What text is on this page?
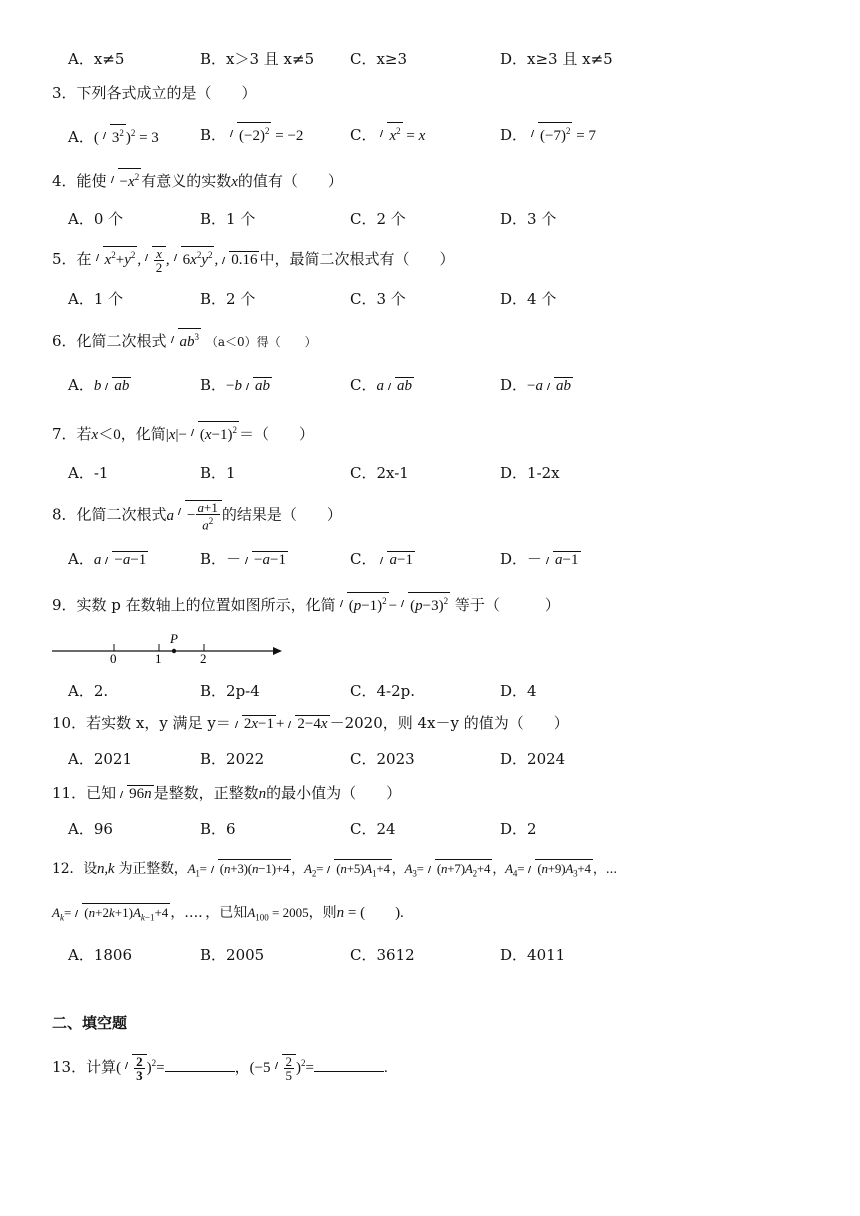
A．x≠5	B．x＞3 且 x≠5 C．x≥3	D．x≥3 且 x≠5
3．下列各式成立的是（　　）
A．( $3^2$ )$^2$ = 3	B． $(-2)^2 = -2$	C． $x^2 = x$	D． $(-7)^2 = 7$
4．能使 $-x^2$ 有意义的实数x的值有（　　）
A．0 个	B．1 个	C．2 个	D．3 个
5．在 $x^2+y^2$ , $\frac{x}{2}$ , $6x^2y^2$ , 0.16 中，最简二次根式有（　　）
A．1 个	B．2 个	C．3 个	D．4 个
6．化简二次根式 $ab^3$ （a＜0）得（　　）
A．b ab	B．−b ab	C．a ab	D．−a ab
7．若x＜0，化简$|x|- (x-1)^2$ ＝（　　）
A．-1	B．1	C．2x-1	D．1-2x
8．化简二次根式$a - \frac{a+1}{a^2}$ 的结果是（　　）
A．a −a−1	B．－ −a−1	C． a−1	D．－ a−1
9．实数 p 在数轴上的位置如图所示，化简 $(p-1)^2 - (p-3)^2$ 等于（　　　）
0	1	2
P
A．2.	B．2p-4	C．4-2p.	D．4
10．若实数 x，y 满足 y＝ 2x−1 + 2−4x －2020，则 4x－y 的值为（　　）
A．2021	B．2022	C．2023	D．2024
11．已知 96n 是整数，正整数n的最小值为（　　）
A．96	B．6	C．24	D．2
12．设n,k 为正整数，$A_1= (n+3)(n-1)+4$ ，$A_2= (n+5)A_1+4$ ，$A_3= (n+7)A_2+4$ ，$A_4= (n+9)A_3+4$ ，⋯
$A_k= (n+2k+1)A_{k-1}+4$ ，…．，已知$A_{100} = 2005$，则n = (　　).
A．1806	B．2005	C．3612	D．4011
二、填空题
13．计算( $\frac{2}{3} )^2=$	，$(-5 \frac{2}{5} )^2=$	.
